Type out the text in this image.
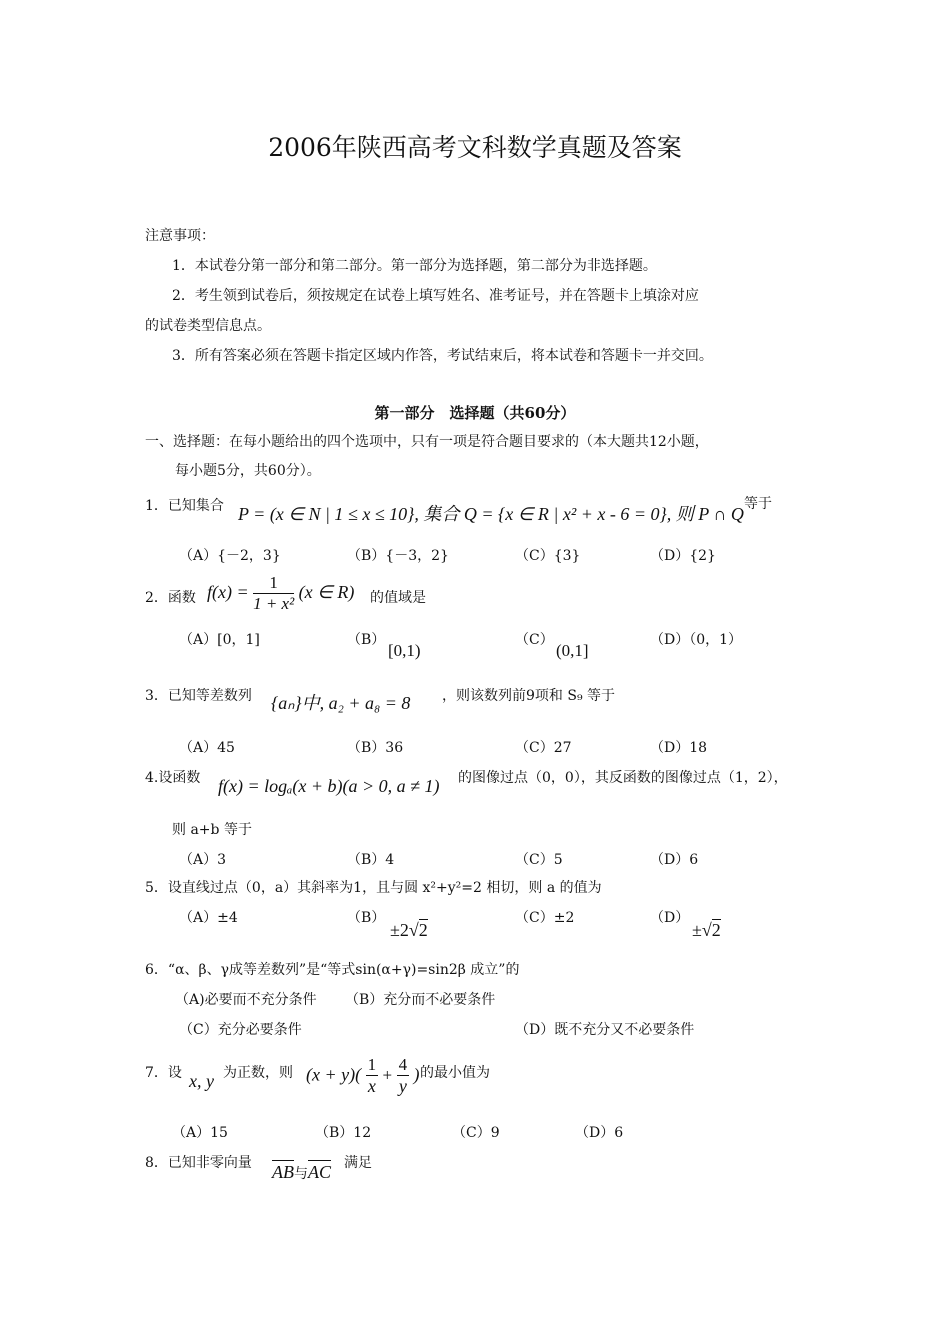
2006年陕西高考文科数学真题及答案
注意事项：
1．本试卷分第一部分和第二部分。第一部分为选择题，第二部分为非选择题。
2．考生领到试卷后，须按规定在试卷上填写姓名、准考证号，并在答题卡上填涂对应
的试卷类型信息点。
3．所有答案必须在答题卡指定区域内作答，考试结束后，将本试卷和答题卡一并交回。
第一部分　选择题（共60分）
一、选择题：在每小题给出的四个选项中，只有一项是符合题目要求的（本大题共12小题，
每小题5分，共60分）。
1．已知集合 P = (x ∈ N | 1 ≤ x ≤ 10}, 集合 Q = {x ∈ R | x² + x - 6 = 0}, 则 P ∩ Q 等于
（A）{－2，3}	（B）{－3，2}	（C）{3}	（D）{2}
2．函数 $f(x) = \frac{1}{\text{1 + x²}} (x$ ∈ R) 的值域是
（A）[0，1]	（B）
[0,1)
（C）
(0,1]
（D）（0，1）
3．已知等差数列 {aₙ}中, a₂ + a₈ = 8 ，则该数列前9项和 S₉ 等于
（A）45	（B）36	（C）27	（D）18
4.设函数 f(x) = logₐ(x + b)(a > 0, a ≠ 1) 的图像过点（0，0），其反函数的图像过点（1，2），
则 a+b 等于
（A）3	（B）4	（C）5	（D）6
5．设直线过点（0，a）其斜率为1，且与圆 x²+y²=2 相切，则 a 的值为
（A）±4	（B）
±2√2
（C）±2	（D）
±√2
6．“α、β、γ成等差数列”是“等式sin(α+γ)=sin2β 成立”的
（A)必要而不充分条件 （B）充分而不必要条件
（C）充分必要条件	（D）既不充分又不必要条件
7．设 x, y 为正数，则 $(x + y)( \frac{1}{x} + \frac{4}{y}$ ) 的最小值为
（A）15	（B）12	（C）9	（D）6
8．已知非零向量 AB与AC 满足
